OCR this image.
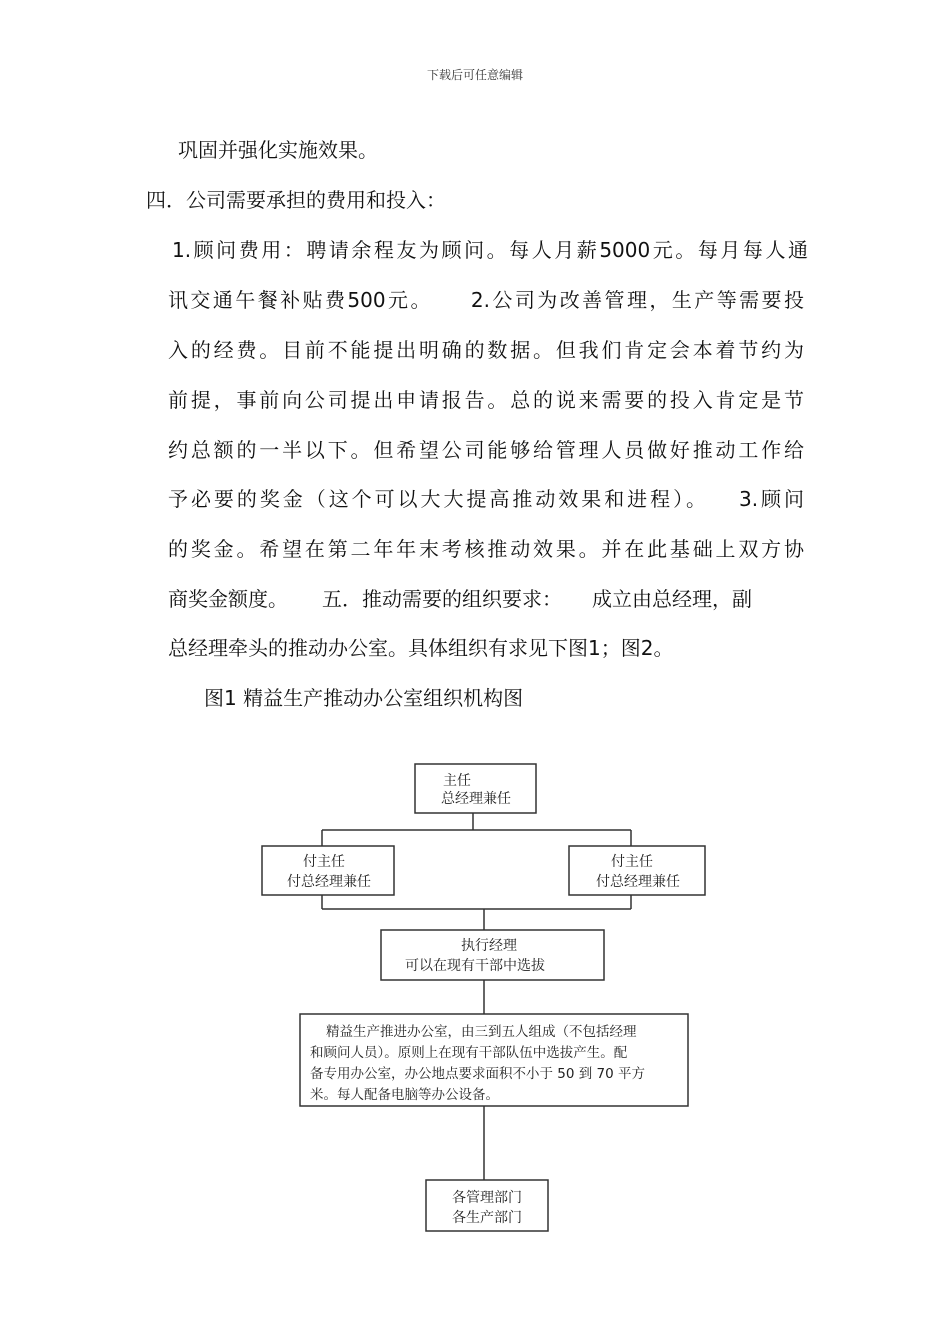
下载后可任意编辑
巩固并强化实施效果。
四．公司需要承担的费用和投入：
1.顾问费用：聘请余程友为顾问。每人月薪5000元。每月每人通
讯交通午餐补贴费500元。 2.公司为改善管理，生产等需要投
入的经费。目前不能提出明确的数据。但我们肯定会本着节约为
前提，事前向公司提出申请报告。总的说来需要的投入肯定是节
约总额的一半以下。但希望公司能够给管理人员做好推动工作给
予必要的奖金（这个可以大大提高推动效果和进程）。 3.顾问
的奖金。希望在第二年年末考核推动效果。并在此基础上双方协
商奖金额度。 五．推动需要的组织要求： 成立由总经理，副
总经理牵头的推动办公室。具体组织有求见下图1；图2。
图1 精益生产推动办公室组织机构图
主任
总经理兼任
付主任
付总经理兼任
付主任
付总经理兼任
执行经理
可以在现有干部中选拔
精益生产推进办公室，由三到五人组成（不包括经理
和顾问人员）。原则上在现有干部队伍中选拔产生。配
备专用办公室，办公地点要求面积不小于 50 到 70 平方
米。每人配备电脑等办公设备。
各管理部门
各生产部门
